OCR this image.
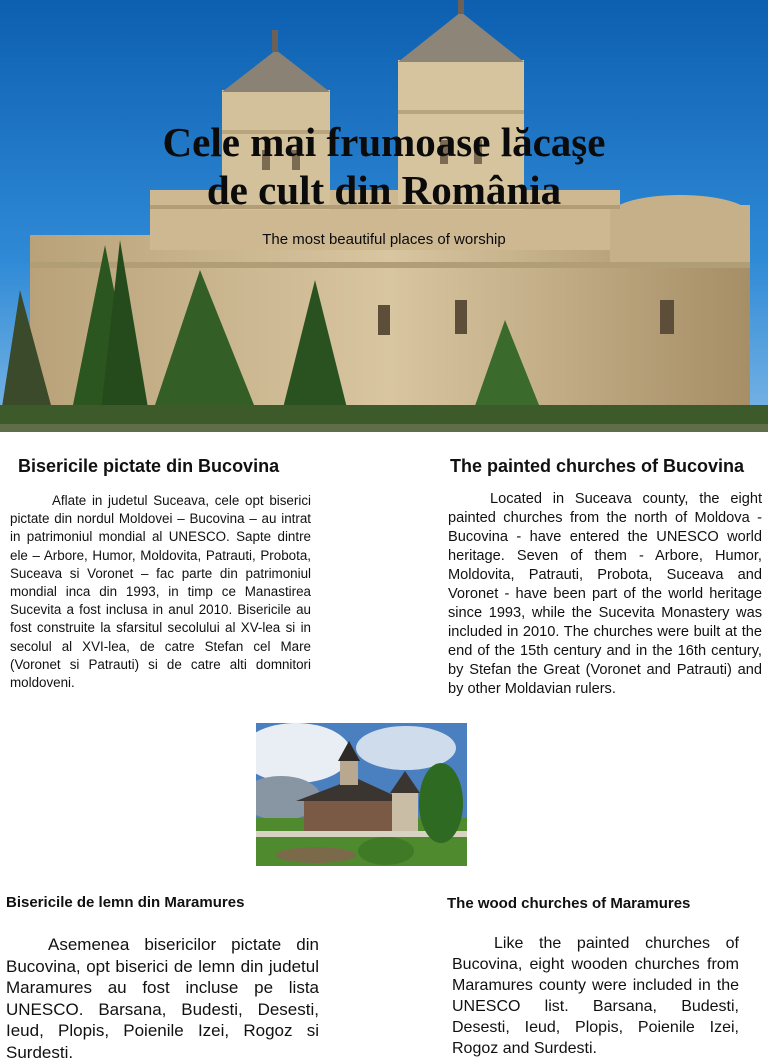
Cele mai frumoase lăcaşe
de cult din România
The most beautiful places of worship
Bisericile pictate din Bucovina	The painted churches of Bucovina

Aflate in judetul Suceava, cele opt biserici pictate din nordul Moldovei – Bucovina – au intrat in patrimoniul mondial al UNESCO. Sapte dintre ele – Arbore, Humor, Moldovita, Patrauti, Probota, Suceava si Voronet – fac parte din patrimoniul mondial inca din 1993, in timp ce Manastirea Sucevita a fost inclusa in anul 2010. Bisericile au fost construite la sfarsitul secolului al XV-lea si in secolul al XVI-lea, de catre Stefan cel Mare (Voronet si Patrauti) si de catre alti domnitori moldoveni.

Located in Suceava county, the eight painted churches from the north of Moldova - Bucovina - have entered the UNESCO world heritage. Seven of them - Arbore, Humor, Moldovita, Patrauti, Probota, Suceava and Voronet - have been part of the world heritage since 1993, while the Sucevita Monastery was included in 2010. The churches were built at the end of the 15th century and in the 16th century, by Stefan the Great (Voronet and Patrauti) and by other Moldavian rulers.

Bisericile de lemn din Maramures	The wood churches of Maramures

Asemenea bisericilor pictate din Bucovina, opt biserici de lemn din judetul Maramures au fost incluse pe lista UNESCO. Barsana, Budesti, Desesti, Ieud, Plopis, Poienile Izei, Rogoz si Surdesti.

Like the painted churches of Bucovina, eight wooden churches from Maramures county were included in the UNESCO list. Barsana, Budesti, Desesti, Ieud, Plopis, Poienile Izei, Rogoz and Surdesti.
